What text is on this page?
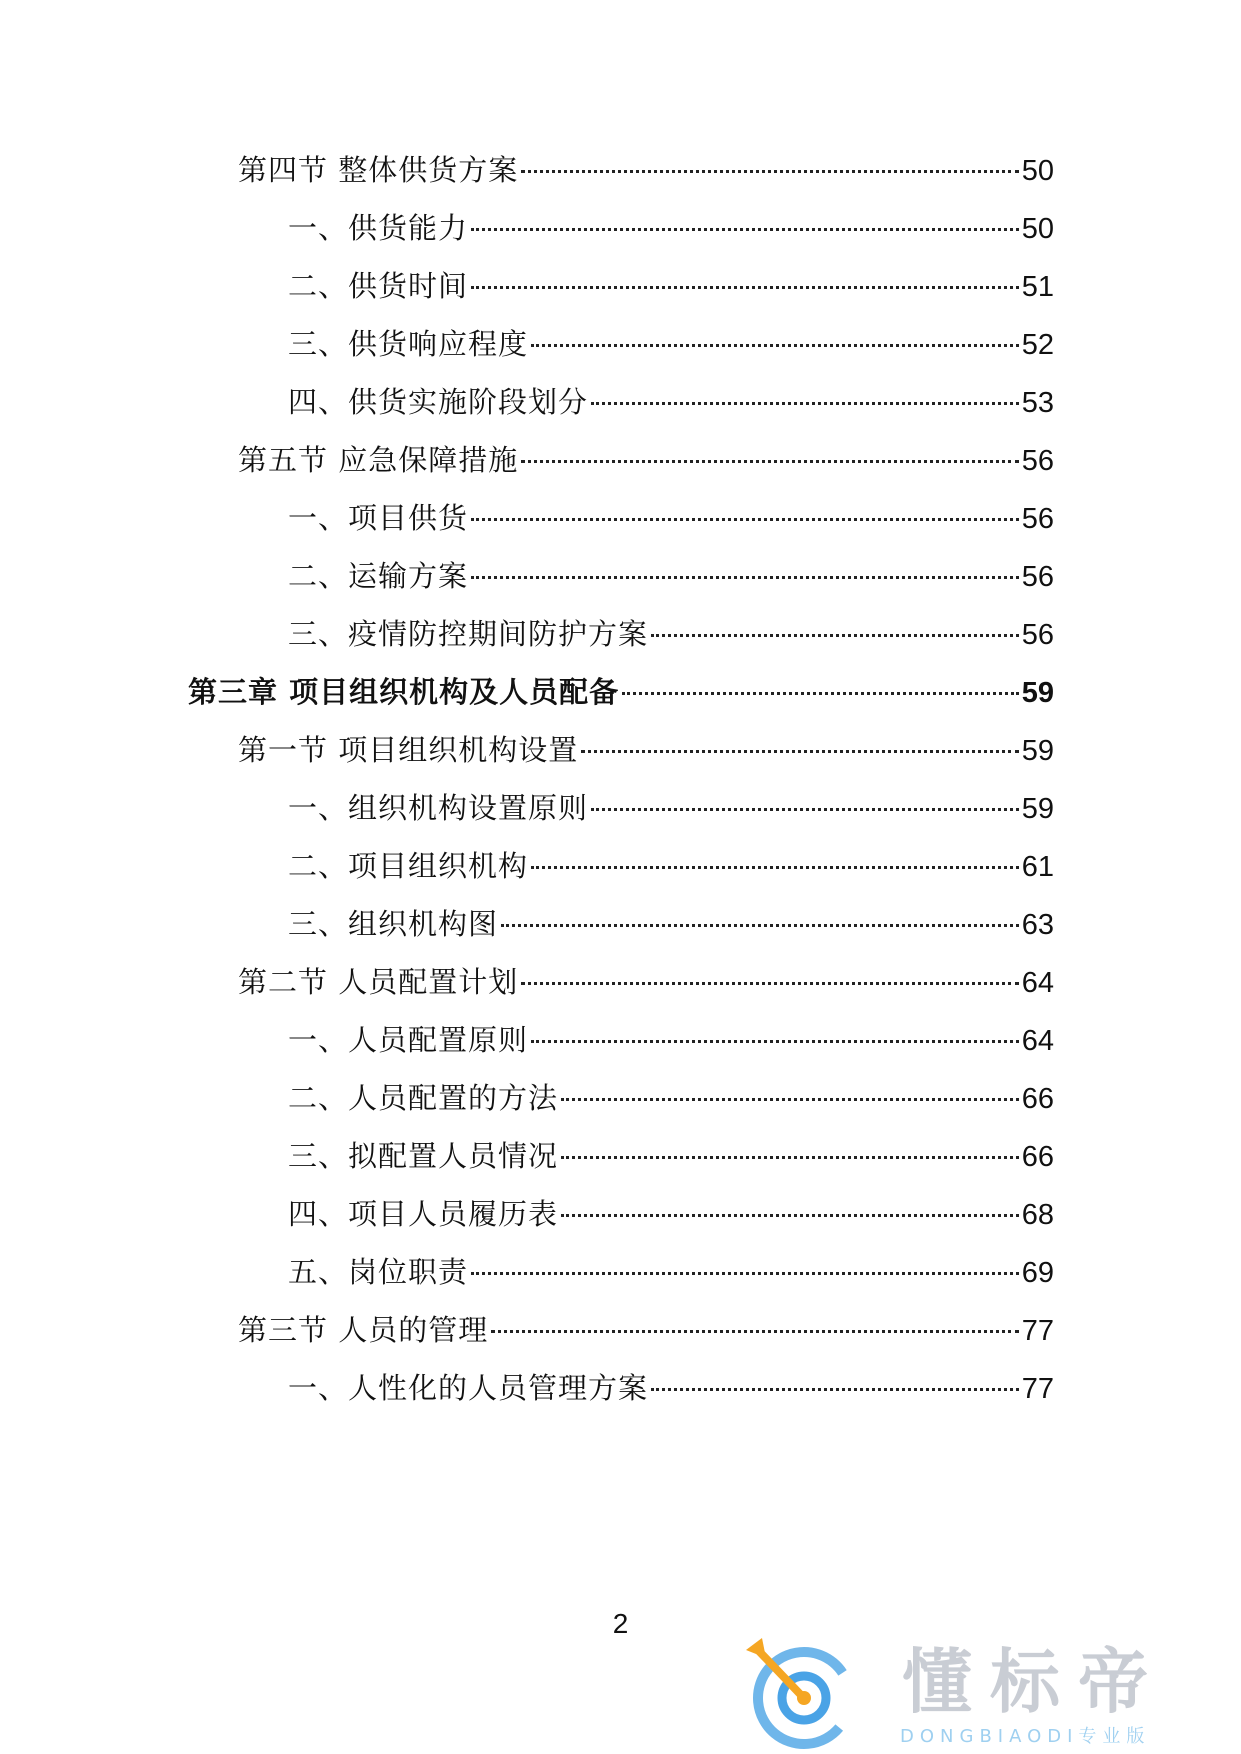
第四节 整体供货方案	50
一、供货能力	50
二、供货时间	51
三、供货响应程度	52
四、供货实施阶段划分	53
第五节 应急保障措施	56
一、项目供货	56
二、运输方案	56
三、疫情防控期间防护方案	56
第三章 项目组织机构及人员配备	59
第一节 项目组织机构设置	59
一、组织机构设置原则	59
二、项目组织机构	61
三、组织机构图	63
第二节 人员配置计划	64
一、人员配置原则	64
二、人员配置的方法	66
三、拟配置人员情况	66
四、项目人员履历表	68
五、岗位职责	69
第三节 人员的管理	77
一、人性化的人员管理方案	77
2
懂标帝
DONGBIAODI专业版
